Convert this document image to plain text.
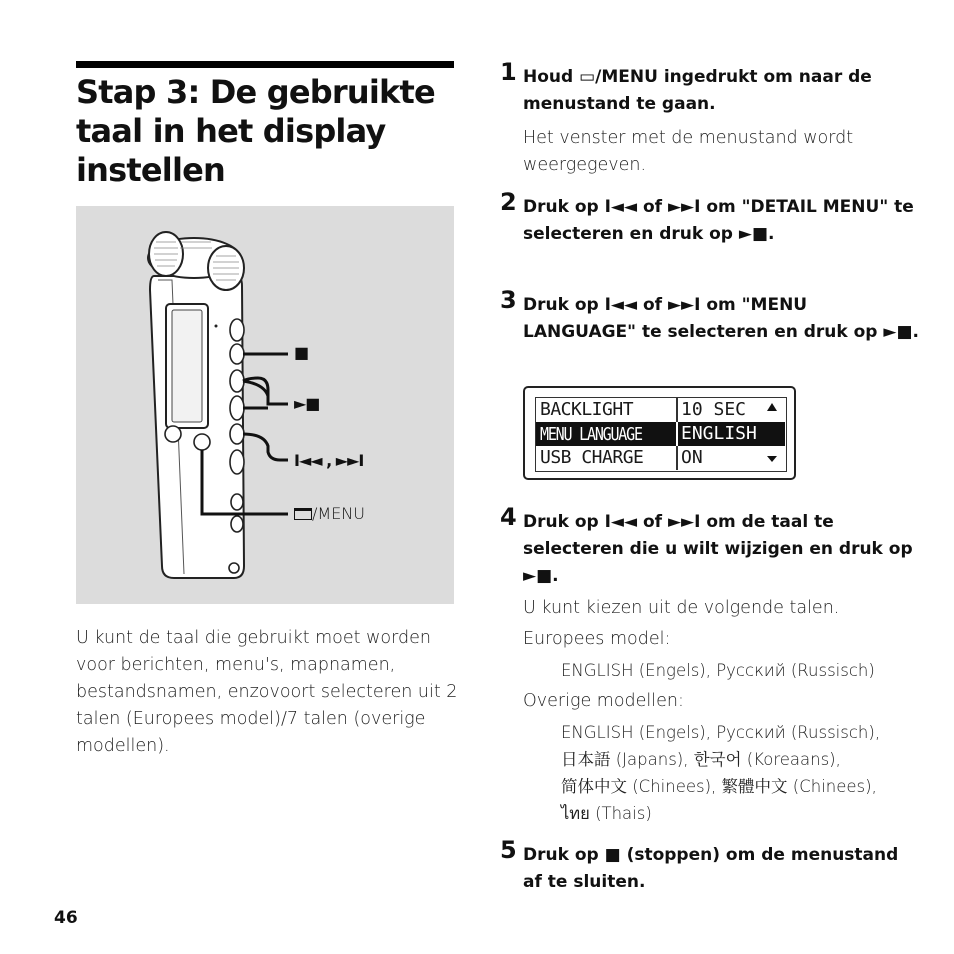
Stap 3: De gebruikte taal in het display instellen
■
►■
I◄◄ , ►►I
/MENU
U kunt de taal die gebruikt moet worden voor berichten, menu's, mapnamen, bestandsnamen, enzovoort selecteren uit 2 talen (Europees model)/7 talen (overige modellen).
1 Houd ▭/MENU ingedrukt om naar de menustand te gaan.
Het venster met de menustand wordt weergegeven.
2 Druk op I◄◄ of ►►I om "DETAIL MENU" te selecteren en druk op ►■.
3 Druk op I◄◄ of ►►I om "MENU LANGUAGE" te selecteren en druk op ►■.
BACKLIGHT	10 SEC
MENU LANGUAGE ENGLISH
USB CHARGE ON
4 Druk op I◄◄ of ►►I om de taal te selecteren die u wilt wijzigen en druk op ►■.
U kunt kiezen uit de volgende talen.
Europees model:
ENGLISH (Engels), Русский (Russisch)
Overige modellen:
ENGLISH (Engels), Русский (Russisch),
日本語 (Japans), 한국어 (Koreaans),
简体中文 (Chinees), 繁體中文 (Chinees),
ไทย (Thais)
5 Druk op ■ (stoppen) om de menustand af te sluiten.
46
